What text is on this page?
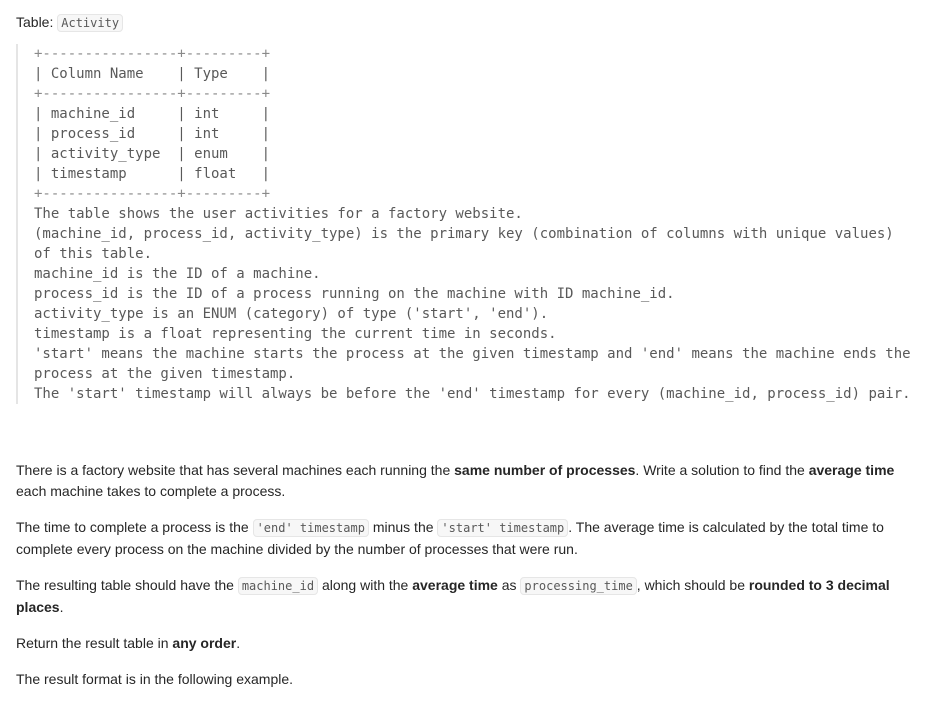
Table: Activity
+----------------+---------+
| Column Name    | Type    |
+----------------+---------+
| machine_id     | int     |
| process_id     | int     |
| activity_type  | enum    |
| timestamp      | float   |
+----------------+---------+
The table shows the user activities for a factory website.
(machine_id, process_id, activity_type) is the primary key (combination of columns with unique values)
of this table.
machine_id is the ID of a machine.
process_id is the ID of a process running on the machine with ID machine_id.
activity_type is an ENUM (category) of type ('start', 'end').
timestamp is a float representing the current time in seconds.
'start' means the machine starts the process at the given timestamp and 'end' means the machine ends the
process at the given timestamp.
The 'start' timestamp will always be before the 'end' timestamp for every (machine_id, process_id) pair.

There is a factory website that has several machines each running the same number of processes. Write a solution to find the average time each machine takes to complete a process.

The time to complete a process is the 'end' timestamp minus the 'start' timestamp . The average time is calculated by the total time to complete every process on the machine divided by the number of processes that were run.

The resulting table should have the machine_id along with the average time as processing_time , which should be rounded to 3 decimal places.

Return the result table in any order.

The result format is in the following example.
